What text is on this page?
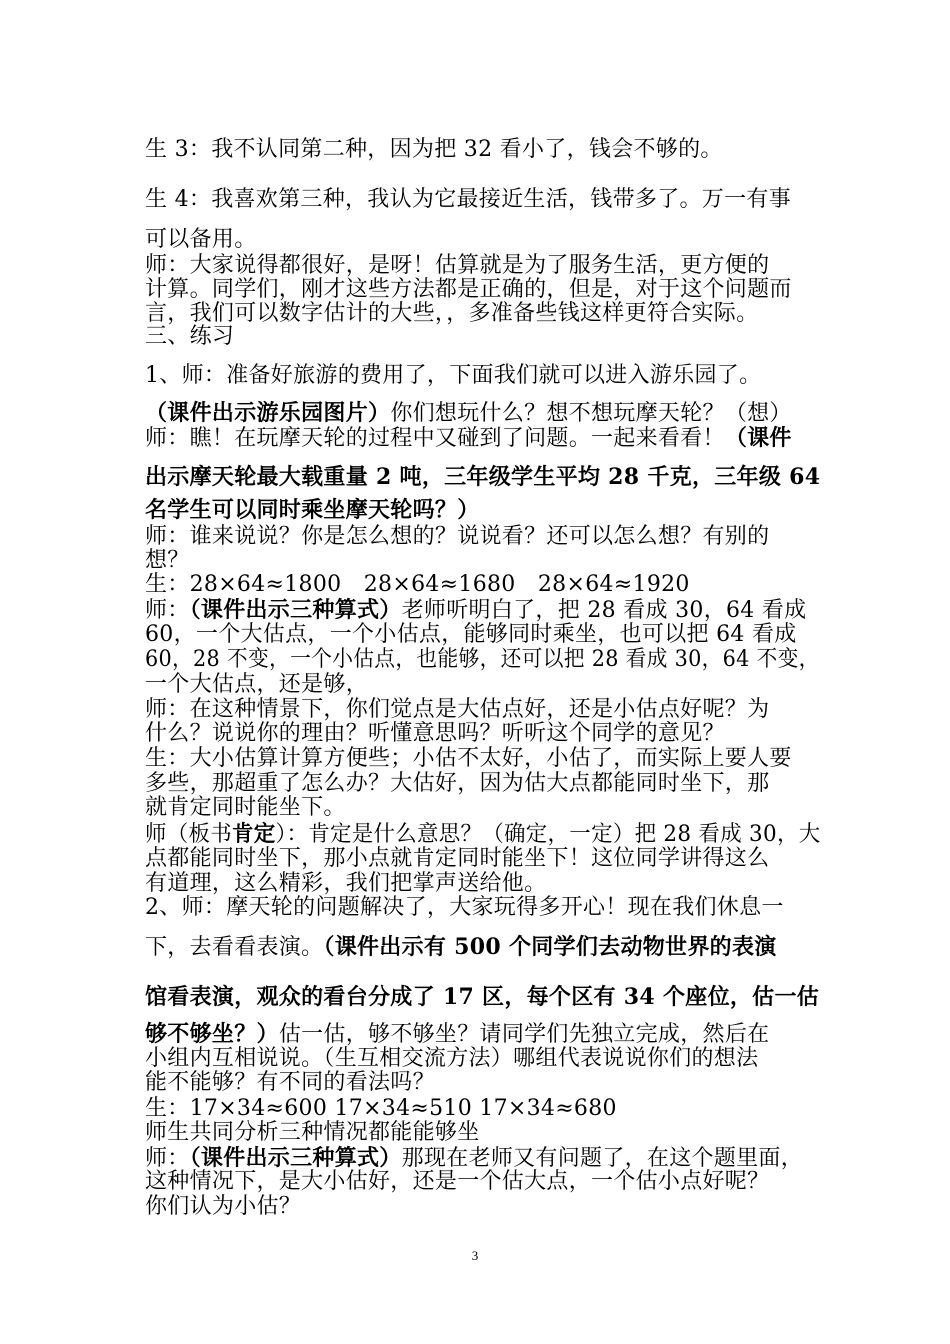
生 3：我不认同第二种，因为把 32 看小了，钱会不够的。
生 4：我喜欢第三种，我认为它最接近生活，钱带多了。万一有事
可以备用。
师：大家说得都很好，是呀！估算就是为了服务生活，更方便的
计算。同学们，刚才这些方法都是正确的，但是，对于这个问题而
言，我们可以数字估计的大些，，多准备些钱这样更符合实际。
三、练习
1、师：准备好旅游的费用了，下面我们就可以进入游乐园了。
（课件出示游乐园图片）你们想玩什么？想不想玩摩天轮？（想）
师：瞧！在玩摩天轮的过程中又碰到了问题。一起来看看！（课件
出示摩天轮最大载重量 2 吨，三年级学生平均 28 千克，三年级 64
名学生可以同时乘坐摩天轮吗？）
师：谁来说说？你是怎么想的？说说看？还可以怎么想？有别的
想？
生：28×64≈1800　28×64≈1680　28×64≈1920
师：（课件出示三种算式）老师听明白了，把 28 看成 30，64 看成
60，一个大估点，一个小估点，能够同时乘坐，也可以把 64 看成
60，28 不变，一个小估点，也能够，还可以把 28 看成 30，64 不变，
一个大估点，还是够，
师：在这种情景下，你们觉点是大估点好，还是小估点好呢？为
什么？说说你的理由？听懂意思吗？听听这个同学的意见？
生：大小估算计算方便些；小估不太好，小估了，而实际上要人要
多些，那超重了怎么办？大估好，因为估大点都能同时坐下，那
就肯定同时能坐下。
师（板书肯定）：肯定是什么意思？（确定，一定）把 28 看成 30，大
点都能同时坐下，那小点就肯定同时能坐下！这位同学讲得这么
有道理，这么精彩，我们把掌声送给他。
2、师：摩天轮的问题解决了，大家玩得多开心！现在我们休息一
下，去看看表演。（课件出示有 500 个同学们去动物世界的表演
馆看表演，观众的看台分成了 17 区，每个区有 34 个座位，估一估
够不够坐？）估一估，够不够坐？请同学们先独立完成，然后在
小组内互相说说。（生互相交流方法）哪组代表说说你们的想法
能不能够？有不同的看法吗？
生：17×34≈600 17×34≈510 17×34≈680
师生共同分析三种情况都能能够坐
师：（课件出示三种算式）那现在老师又有问题了，在这个题里面，
这种情况下，是大小估好，还是一个估大点，一个估小点好呢？
你们认为小估？
3
